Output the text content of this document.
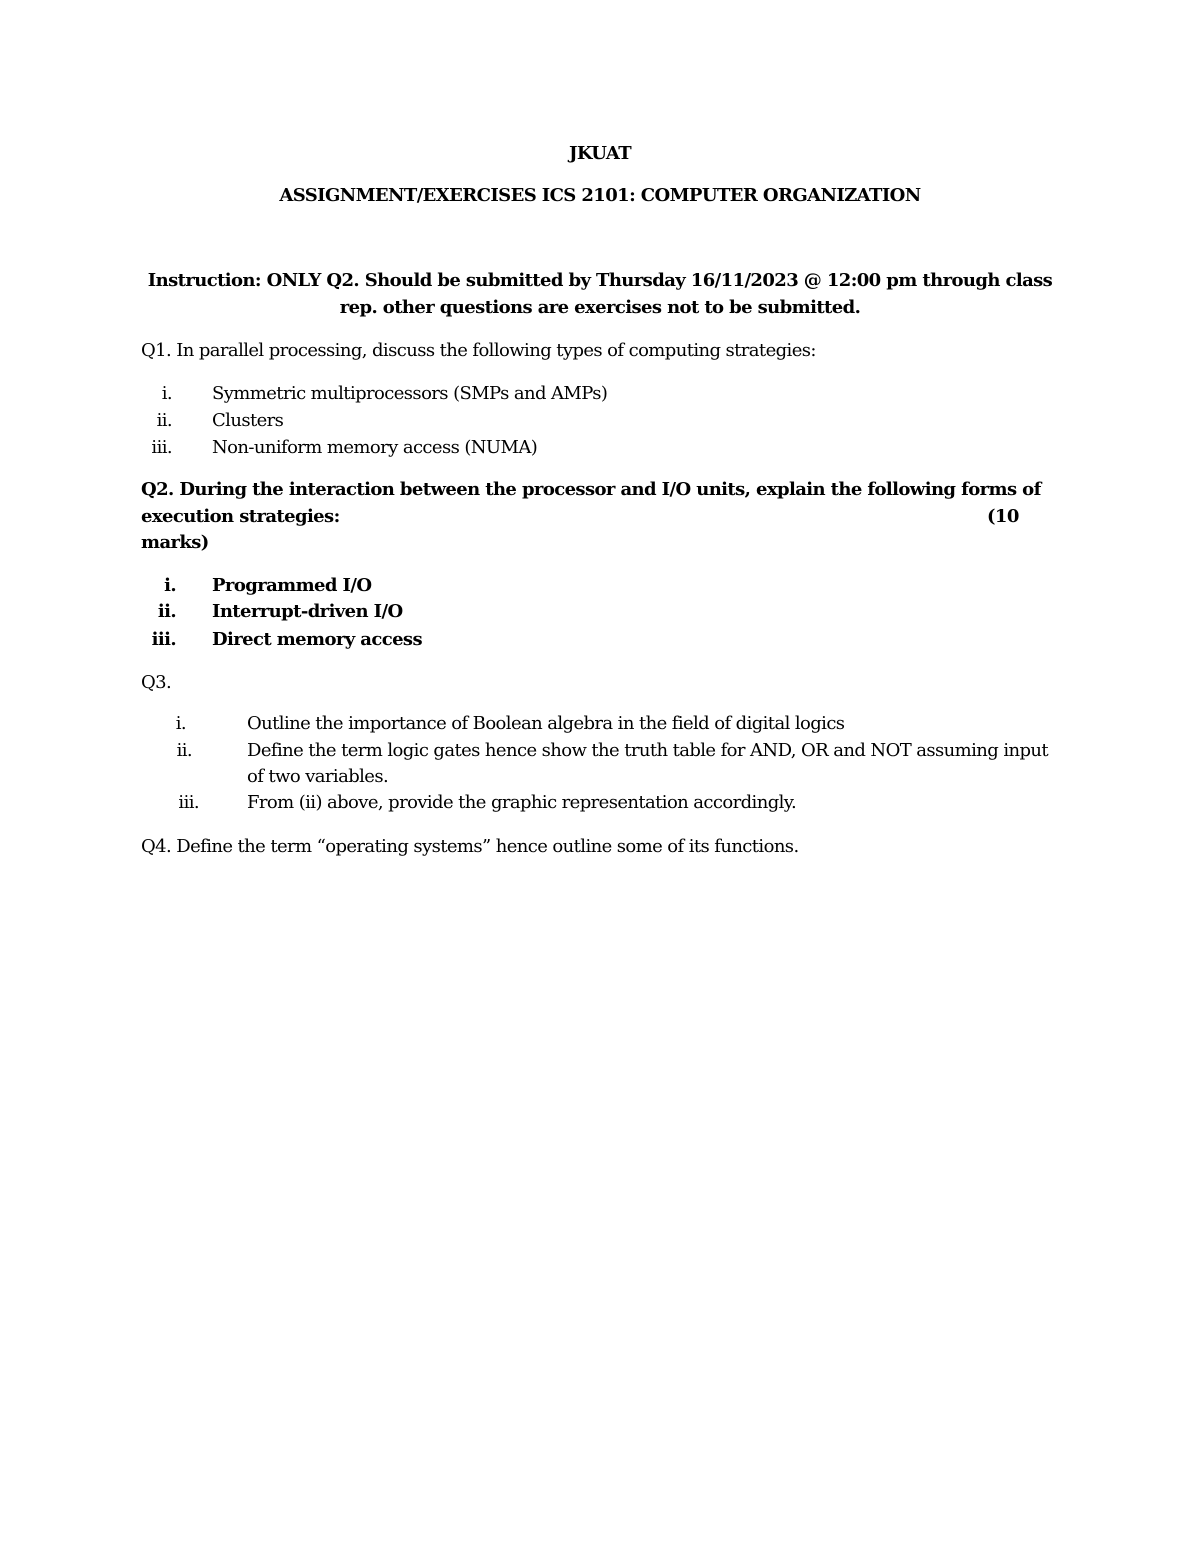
JKUAT
ASSIGNMENT/EXERCISES ICS 2101: COMPUTER ORGANIZATION
Instruction: ONLY Q2. Should be submitted by Thursday 16/11/2023 @ 12:00 pm through class
rep. other questions are exercises not to be submitted.
Q1. In parallel processing, discuss the following types of computing strategies:
i. Symmetric multiprocessors (SMPs and AMPs)
ii. Clusters
iii. Non-uniform memory access (NUMA)
Q2. During the interaction between the processor and I/O units, explain the following forms of
execution strategies:	(10
marks)
i. Programmed I/O
ii. Interrupt-driven I/O
iii. Direct memory access
Q3.
i.	Outline the importance of Boolean algebra in the field of digital logics
ii.	Define the term logic gates hence show the truth table for AND, OR and NOT assuming input
of two variables.
iii.	From (ii) above, provide the graphic representation accordingly.
Q4. Define the term “operating systems” hence outline some of its functions.
